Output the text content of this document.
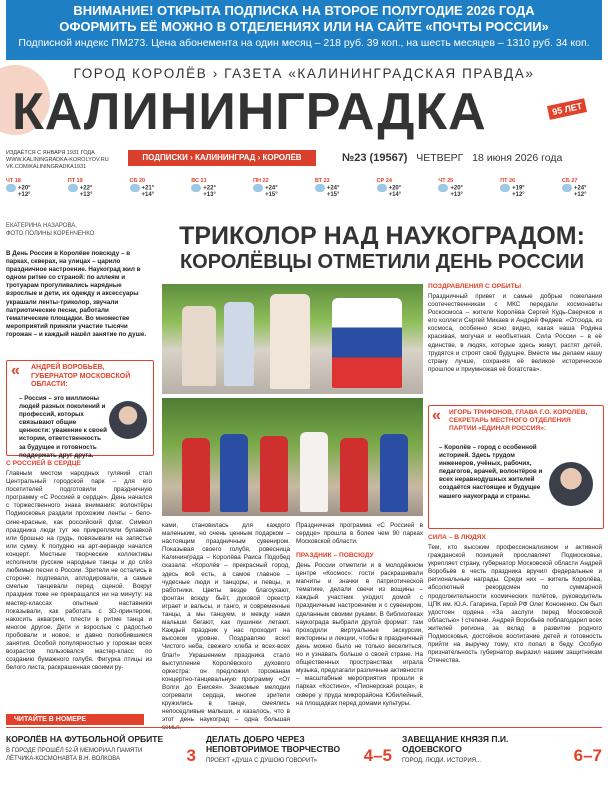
ВНИМАНИЕ! ОТКРЫТА ПОДПИСКА НА ВТОРОЕ ПОЛУГОДИЕ 2026 ГОДА
ОФОРМИТЬ ЕЁ МОЖНО В ОТДЕЛЕНИЯХ ИЛИ НА САЙТЕ «ПОЧТЫ РОССИИ»
Подписной индекс ПМ273. Цена абонемента на один месяц – 218 руб. 39 коп., на шесть месяцев – 1310 руб. 34 коп.
ГОРОД КОРОЛЁВ › ГАЗЕТА «КАЛИНИНГРАДСКАЯ ПРАВДА»
КАЛИНИНГРАДКА	95 ЛЕТ
ИЗДАЁТСЯ С ЯНВАРЯ 1931 ГОДА
WWW.KALININGRADKA-KOROLYOV.RU
VK.COM/KALININGRADKA1931
ПОДПИСКИ › КАЛИНИНГРАД › КОРОЛЁВ	№23 (19567) ЧЕТВЕРГ 18 июня 2026 года
ЧТ 18
+20°
+12°
ПТ 19
+22°
+13°
СБ 20
+21°
+14°
ВС 21
+22°
+13°
ПН 22
+24°
+15°
ВТ 23
+24°
+15°
СР 24
+20°
+14°
ЧТ 25
+20°
+13°
ПТ 26
+19°
+12°
СБ 27
+24°
+12°
ЕКАТЕРИНА НАЗАРОВА,
ФОТО ПОЛИНЫ КОРЕНЧЕНКО
В День России в Королёве повсюду – в парках, скверах, на улицах – царило праздничное настроение. Наукоград жил в одном ритме со страной: по аллеям и тротуарам прогуливались нарядные взрослые и дети, их одежду и аксессуары украшали ленты-триколор, звучали патриотические песни, работали тематические площадки. Во множестве мероприятий приняли участие тысячи горожан – и каждый нашёл занятие по душе.
ТРИКОЛОР НАД НАУКОГРАДОМ:
КОРОЛЁВЦЫ ОТМЕТИЛИ ДЕНЬ РОССИИ
« АНДРЕЙ ВОРОБЬЁВ, ГУБЕРНАТОР МОСКОВСКОЙ ОБЛАСТИ:
– Россия – это миллионы людей разных поколений и профессий, которых связывают общие ценности: уважение к своей истории, ответственность за будущее и готовность поддержать друг друга.
С РОССИЕЙ В СЕРДЦЕ
Главным местом народных гуляний стал Центральный городской парк – для его посетителей подготовили праздничную программу «С Россией в сердце». День начался с торжественного знака внимания: волонтёры Подмосковья раздали прохожим ленты – бело-сине-красные, как российский флаг. Символ праздника люди тут же прикрепляли булавкой или брошью на грудь, повязывали на запястье или сумку. К полудню на арт-веранде начался концерт. Местные творческие коллективы исполнили русские народные танцы и до слёз любимые песни о России. Зрители не остались в стороне: подпевали, аплодировали, а самые смелые танцевали перед сценой. Вокруг праздник тоже не прекращался ни на минуту: на мастер-классах опытные наставники показывали, как работать с 3D-принтером, накосить аквагрим, плести в ритме танца и многое другое. Дети и взрослые с радостью пробовали и новое, и давно полюбившиеся занятия. Особой популярностью у горожан всех возрастов пользовался мастер-класс по созданию бумажного голубя. Фигурка птицы из белого листа, раскрашенная своими ру-
ками, становилась для каждого маленьким, но очень ценным подарком – настоящим праздничным сувениром. Показывая своего голубя, ровесница Калининграда – Королёва Раиса Подобед сказала: «Королёв – прекрасный город, здесь всё есть, а самое главное – чудесные люди и танцоры, и певцы, и работники. Цветы везде благоухают, фонтан всюду бьёт, духовой оркестр играет и вальсы, и танго, и современные танцы, а мы танцуем, и между нами малыши бегают, как пушинки летают. Каждый праздник у нас проходит на высоком уровне. Поздравляю всех! Чистого неба, свежего хлеба и всех-всех благ!» Украшением праздника стало выступление Королёвского духового оркестра: он предложил горожанам концертно-танцевальную программу «От Волги до Енисея». Знакомые мелодии согревали сердца, многие зрители кружились в танце, смеялись непоседливые малыши, и казалось, что в этот день наукоград – одна большая семья.
Праздничная программа «С Россией в сердце» прошла в более чем 90 парках Московской области.
ПРАЗДНИК – ПОВСЮДУ
День России отметили и в молодёжном центре «Космос»: гости раскрашивали магниты и значки в патриотической тематике, делали свечи из вощины – каждый участник уходил домой с праздничным настроением и с сувениром, сделанным своими руками. В библиотеках наукограда выбрали другой формат: там проходили виртуальные экскурсии, викторины и лекции, чтобы в праздничный день можно было не только веселиться, но и узнавать больше о своей стране. На общественных пространствах играла музыка, предлагали различные активности – масштабные мероприятия прошли в парках «Костино», «Пионерская роща», в сквере у пруда микрорайона Юбилейный, на площадках перед домами культуры.
ПОЗДРАВЛЕНИЯ С ОРБИТЫ
Праздничный привет и самые добрые пожелания соотечественникам с МКС передали космонавты Роскосмоса – жители Королёва Сергей Кудь-Сверчков и его коллеги Сергей Микаев и Андрей Федяев: «Отсюда, из космоса, особенно ясно видно, какая наша Родина красивая, могучая и необъятная. Сила России – в её единстве, в людях, которые здесь живут, растят детей, трудятся и строят своё будущее. Вместе мы делаем нашу страну лучше, сохраняя её великое историческое прошлое и приумножая её богатства».
« ИГОРЬ ТРИФОНОВ, ГЛАВА Г.О. КОРОЛЁВ, СЕКРЕТАРЬ МЕСТНОГО ОТДЕЛЕНИЯ ПАРТИИ «ЕДИНАЯ РОССИЯ»:
– Королёв – город с особенной историей. Здесь трудом инженеров, учёных, рабочих, педагогов, врачей, волонтёров и всех неравнодушных жителей создаётся настоящее и будущее нашего наукограда и страны.
СИЛА – В ЛЮДЯХ
Тем, кто высоким профессионализмом и активной гражданской позицией прославляет Подмосковье, укрепляет страну, губернатор Московской области Андрей Воробьёв в честь праздника вручил федеральные и региональные награды. Среди них – житель Королёва, абсолютный рекордсмен по суммарной продолжительности космических полётов, руководитель ЦПК им. Ю.А. Гагарина, Герой РФ Олег Кононенко. Он был удостоен ордена «За заслуги перед Московской областью» I степени. Андрей Воробьёв поблагодарил всех жителей региона за вклад в развитие родного Подмосковья, достойное воспитание детей и готовность прийти на выручку тому, кто попал в беду. Особую признательность губернатор выразил нашим защитникам Отечества.
ЧИТАЙТЕ В НОМЕРЕ
КОРОЛЁВ НА ФУТБОЛЬНОЙ ОРБИТЕ
В ГОРОДЕ ПРОШЁЛ 52-Й МЕМОРИАЛ ПАМЯТИ ЛЁТЧИКА-КОСМОНАВТА В.Н. ВОЛКОВА	3
ДЕЛАТЬ ДОБРО ЧЕРЕЗ НЕПОВТОРИМОЕ ТВОРЧЕСТВО
ПРОЕКТ «ДУША С ДУШОЮ ГОВОРИТ»	4–5
ЗАВЕЩАНИЕ КНЯЗЯ П.И. ОДОЕВСКОГО
ГОРОД. ЛЮДИ. ИСТОРИЯ...	6–7
